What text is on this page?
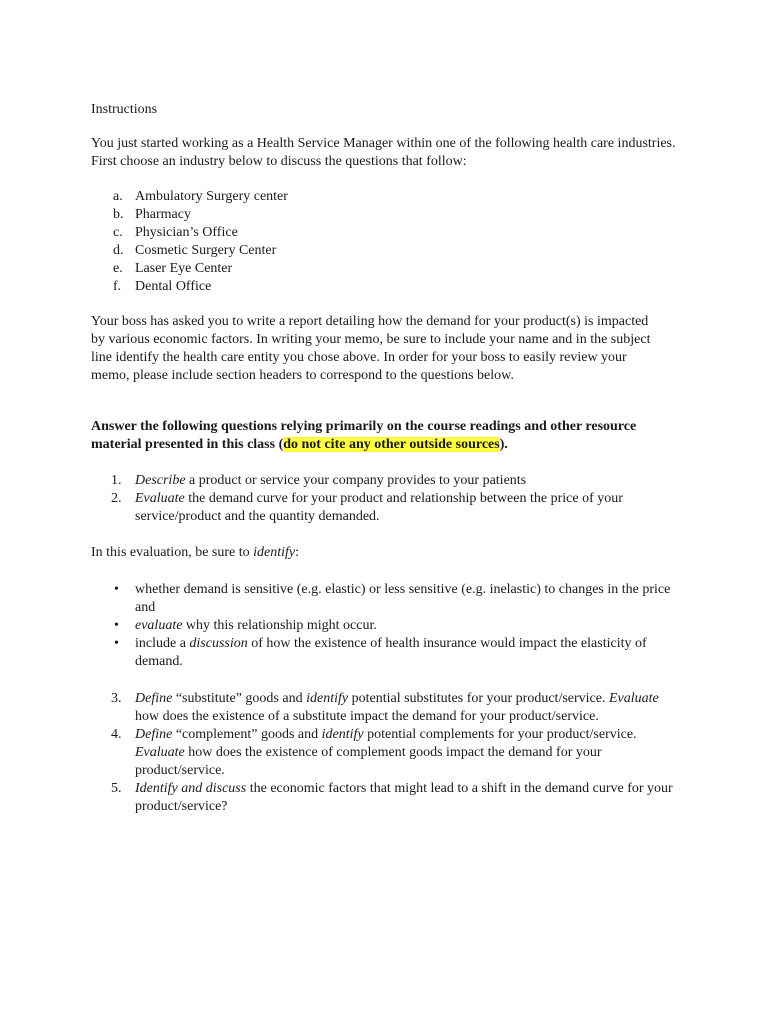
Instructions

You just started working as a Health Service Manager within one of the following health care industries. First choose an industry below to discuss the questions that follow:

a. Ambulatory Surgery center
b. Pharmacy
c. Physician’s Office
d. Cosmetic Surgery Center
e. Laser Eye Center
f. Dental Office

Your boss has asked you to write a report detailing how the demand for your product(s) is impacted by various economic factors. In writing your memo, be sure to include your name and in the subject line identify the health care entity you chose above. In order for your boss to easily review your memo, please include section headers to correspond to the questions below.

Answer the following questions relying primarily on the course readings and other resource material presented in this class (do not cite any other outside sources).

1. Describe a product or service your company provides to your patients
2. Evaluate the demand curve for your product and relationship between the price of your service/product and the quantity demanded.

In this evaluation, be sure to identify:

•	whether demand is sensitive (e.g. elastic) or less sensitive (e.g. inelastic) to changes in the price and
•	evaluate why this relationship might occur.
•	include a discussion of how the existence of health insurance would impact the elasticity of demand.
3. Define “substitute” goods and identify potential substitutes for your product/service. Evaluate how does the existence of a substitute impact the demand for your product/service.
4. Define “complement” goods and identify potential complements for your product/service. Evaluate how does the existence of complement goods impact the demand for your product/service.
5. Identify and discuss the economic factors that might lead to a shift in the demand curve for your product/service?
